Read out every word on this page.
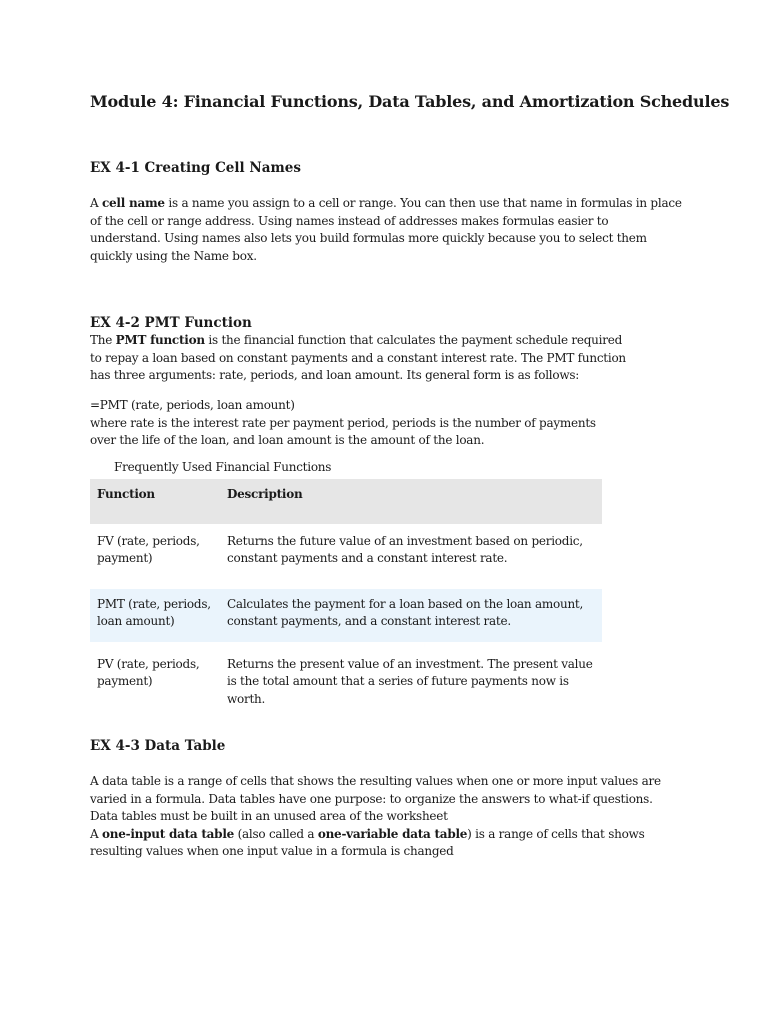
Module 4: Financial Functions, Data Tables, and Amortization Schedules
EX 4-1 Creating Cell Names
A cell name is a name you assign to a cell or range. You can then use that name in formulas in place
of the cell or range address. Using names instead of addresses makes formulas easier to
understand. Using names also lets you build formulas more quickly because you to select them
quickly using the Name box.
EX 4-2 PMT Function
The PMT function is the financial function that calculates the payment schedule required
to repay a loan based on constant payments and a constant interest rate. The PMT function
has three arguments: rate, periods, and loan amount. Its general form is as follows:
=PMT (rate, periods, loan amount)
where rate is the interest rate per payment period, periods is the number of payments
over the life of the loan, and loan amount is the amount of the loan.
Frequently Used Financial Functions
Function	Description

FV (rate, periods,
payment)	Returns the future value of an investment based on periodic,
constant payments and a constant interest rate.

PMT (rate, periods,
loan amount)	Calculates the payment for a loan based on the loan amount,
constant payments, and a constant interest rate.

PV (rate, periods,
payment)	Returns the present value of an investment. The present value
is the total amount that a series of future payments now is
worth.
EX 4-3 Data Table
A data table is a range of cells that shows the resulting values when one or more input values are
varied in a formula. Data tables have one purpose: to organize the answers to what-if questions.
Data tables must be built in an unused area of the worksheet
A one-input data table (also called a one-variable data table) is a range of cells that shows
resulting values when one input value in a formula is changed
